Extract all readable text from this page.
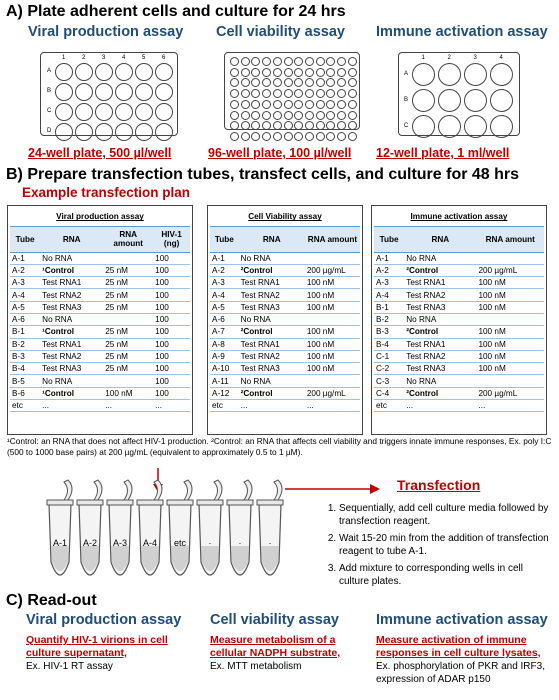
A) Plate adherent cells and culture for 24 hrs
Viral production assay Cell viability assay Immune activation assay
1	2	3	4	5	6
A
B
C
D
1	2	3	4
A
B
C
24-well plate, 500 µl/well	96-well plate, 100 µl/well 12-well plate, 1 ml/well
B) Prepare transfection tubes, transfect cells, and culture for 48 hrs
Example transfection plan
Viral production assay			
Tube	RNA	RNA amount	HIV-1 (ng)
A-1	No RNA		100
A-2	¹Control	25 nM	100
A-3	Test RNA1	25 nM	100
A-4	Test RNA2	25 nM	100
A-5	Test RNA3	25 nM	100
A-6	No RNA		100
B-1	¹Control	25 nM	100
B-2	Test RNA1	25 nM	100
B-3	Test RNA2	25 nM	100
B-4	Test RNA3	25 nM	100
B-5	No RNA		100
B-6	¹Control	100 nM	100
etc	...	...	...
Cell Viability assay		
Tube	RNA	RNA amount
A-1	No RNA	
A-2	²Control	200 µg/mL
A-3	Test RNA1	100 nM
A-4	Test RNA2	100 nM
A-5	Test RNA3	100 nM
A-6	No RNA	
A-7	²Control	100 nM
A-8	Test RNA1	100 nM
A-9	Test RNA2	100 nM
A-10	Test RNA3	100 nM
A-11	No RNA	
A-12	²Control	200 µg/mL
etc	...	...
Immune activation assay		
Tube	RNA	RNA amount
A-1	No RNA	
A-2	²Control	200 µg/mL
A-3	Test RNA1	100 nM
A-4	Test RNA2	100 nM
B-1	Test RNA3	100 nM
B-2	No RNA	
B-3	²Control	100 nM
B-4	Test RNA1	100 nM
C-1	Test RNA2	100 nM
C-2	Test RNA3	100 nM
C-3	No RNA	
C-4	²Control	200 µg/mL
etc	...	...
¹Control: an RNA that does not affect HIV-1 production. ²Control: an RNA that affects cell viability and triggers innate immune responses, Ex. poly I:C (500 to 1000 base pairs) at 200 µg/mL (equivalent to approximately 0.5 to 1 µM).
A-1 A-2 A-3 A-4 etc ·	·	·
Transfection
1. Sequentially, add cell culture media followed by transfection reagent.
2. Wait 15-20 min from the addition of transfection reagent to tube A-1.
3. Add mixture to corresponding wells in cell culture plates.
C) Read-out
Viral production assay
Quantify HIV-1 virions in cell culture supernatant,
Ex. HIV-1 RT assay
Cell viability assay
Measure metabolism of a cellular NADPH substrate,
Ex. MTT metabolism
Immune activation assay
Measure activation of immune responses in cell culture lysates,
Ex. phosphorylation of PKR and IRF3, expression of ADAR p150
